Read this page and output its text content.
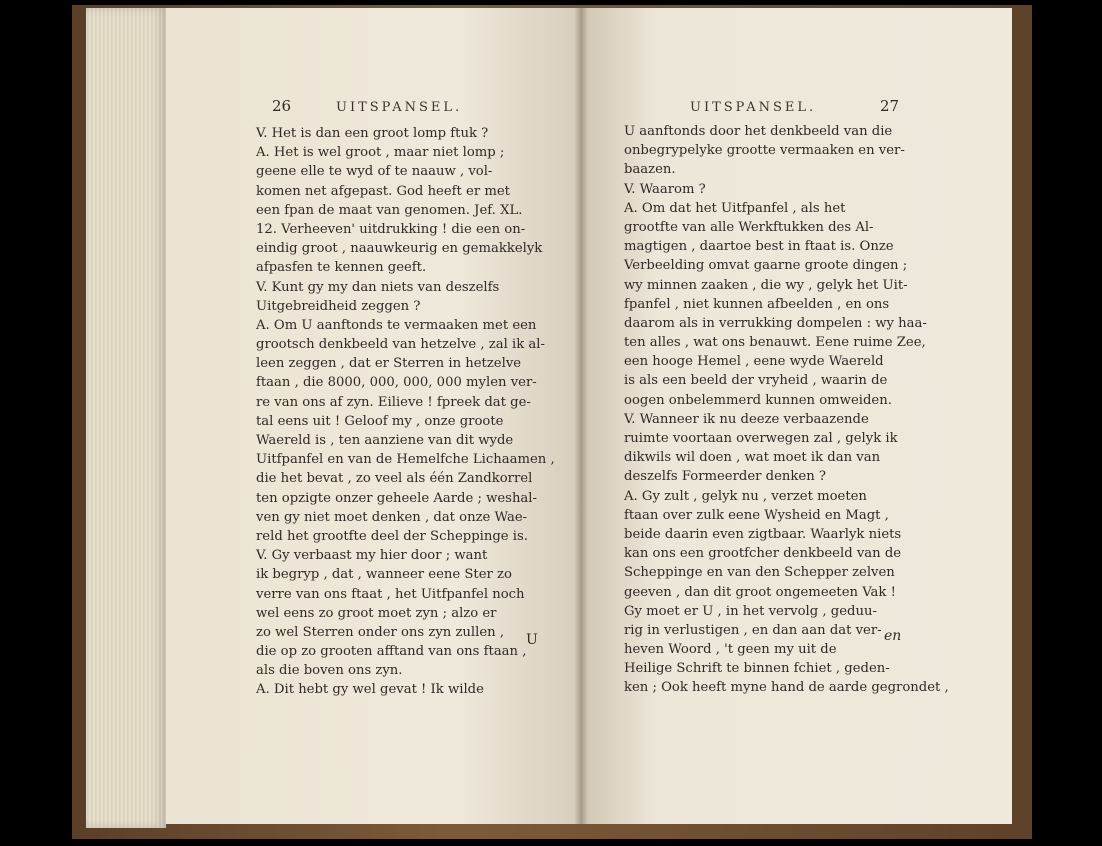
26	UITSPANSEL.
V. Het is dan een groot lomp ftuk ?
A. Het is wel groot , maar niet lomp ;
geene elle te wyd of te naauw , vol-
komen net afgepast. God heeft er met
een fpan de maat van genomen. Jef. XL.
12. Verheeven' uitdrukking ! die een on-
eindig groot , naauwkeurig en gemakkelyk
afpasfen te kennen geeft.
V. Kunt gy my dan niets van deszelfs
Uitgebreidheid zeggen ?
A. Om U aanftonds te vermaaken met een
grootsch denkbeeld van hetzelve , zal ik al-
leen zeggen , dat er Sterren in hetzelve
ftaan , die 8000, 000, 000, 000 mylen ver-
re van ons af zyn. Eilieve ! fpreek dat ge-
tal eens uit ! Geloof my , onze groote
Waereld is , ten aanziene van dit wyde
Uitfpanfel en van de Hemelfche Lichaamen ,
die het bevat , zo veel als één Zandkorrel
ten opzigte onzer geheele Aarde ; weshal-
ven gy niet moet denken , dat onze Wae-
reld het grootfte deel der Scheppinge is.
V. Gy verbaast my hier door ; want
ik begryp , dat , wanneer eene Ster zo
verre van ons ftaat , het Uitfpanfel noch
wel eens zo groot moet zyn ; alzo er
zo wel Sterren onder ons zyn zullen ,
die op zo grooten afftand van ons ftaan ,
als die boven ons zyn.
A. Dit hebt gy wel gevat ! Ik wilde
U
UITSPANSEL.	27
U aanftonds door het denkbeeld van die
onbegrypelyke grootte vermaaken en ver-
baazen.
V. Waarom ?
A. Om dat het Uitfpanfel , als het
grootfte van alle Werkftukken des Al-
magtigen , daartoe best in ftaat is. Onze
Verbeelding omvat gaarne groote dingen ;
wy minnen zaaken , die wy , gelyk het Uit-
fpanfel , niet kunnen afbeelden , en ons
daarom als in verrukking dompelen : wy haa-
ten alles , wat ons benauwt. Eene ruime Zee,
een hooge Hemel , eene wyde Waereld
is als een beeld der vryheid , waarin de
oogen onbelemmerd kunnen omweiden.
V. Wanneer ik nu deeze verbaazende
ruimte voortaan overwegen zal , gelyk ik
dikwils wil doen , wat moet ik dan van
deszelfs Formeerder denken ?
A. Gy zult , gelyk nu , verzet moeten
ftaan over zulk eene Wysheid en Magt ,
beide daarin even zigtbaar. Waarlyk niets
kan ons een grootfcher denkbeeld van de
Scheppinge en van den Schepper zelven
geeven , dan dit groot ongemeeten Vak !
Gy moet er U , in het vervolg , geduu-
rig in verlustigen , en dan aan dat ver-
heven Woord , 't geen my uit de
Heilige Schrift te binnen fchiet , geden-
ken ; Ook heeft myne hand de aarde gegrondet ,
en
